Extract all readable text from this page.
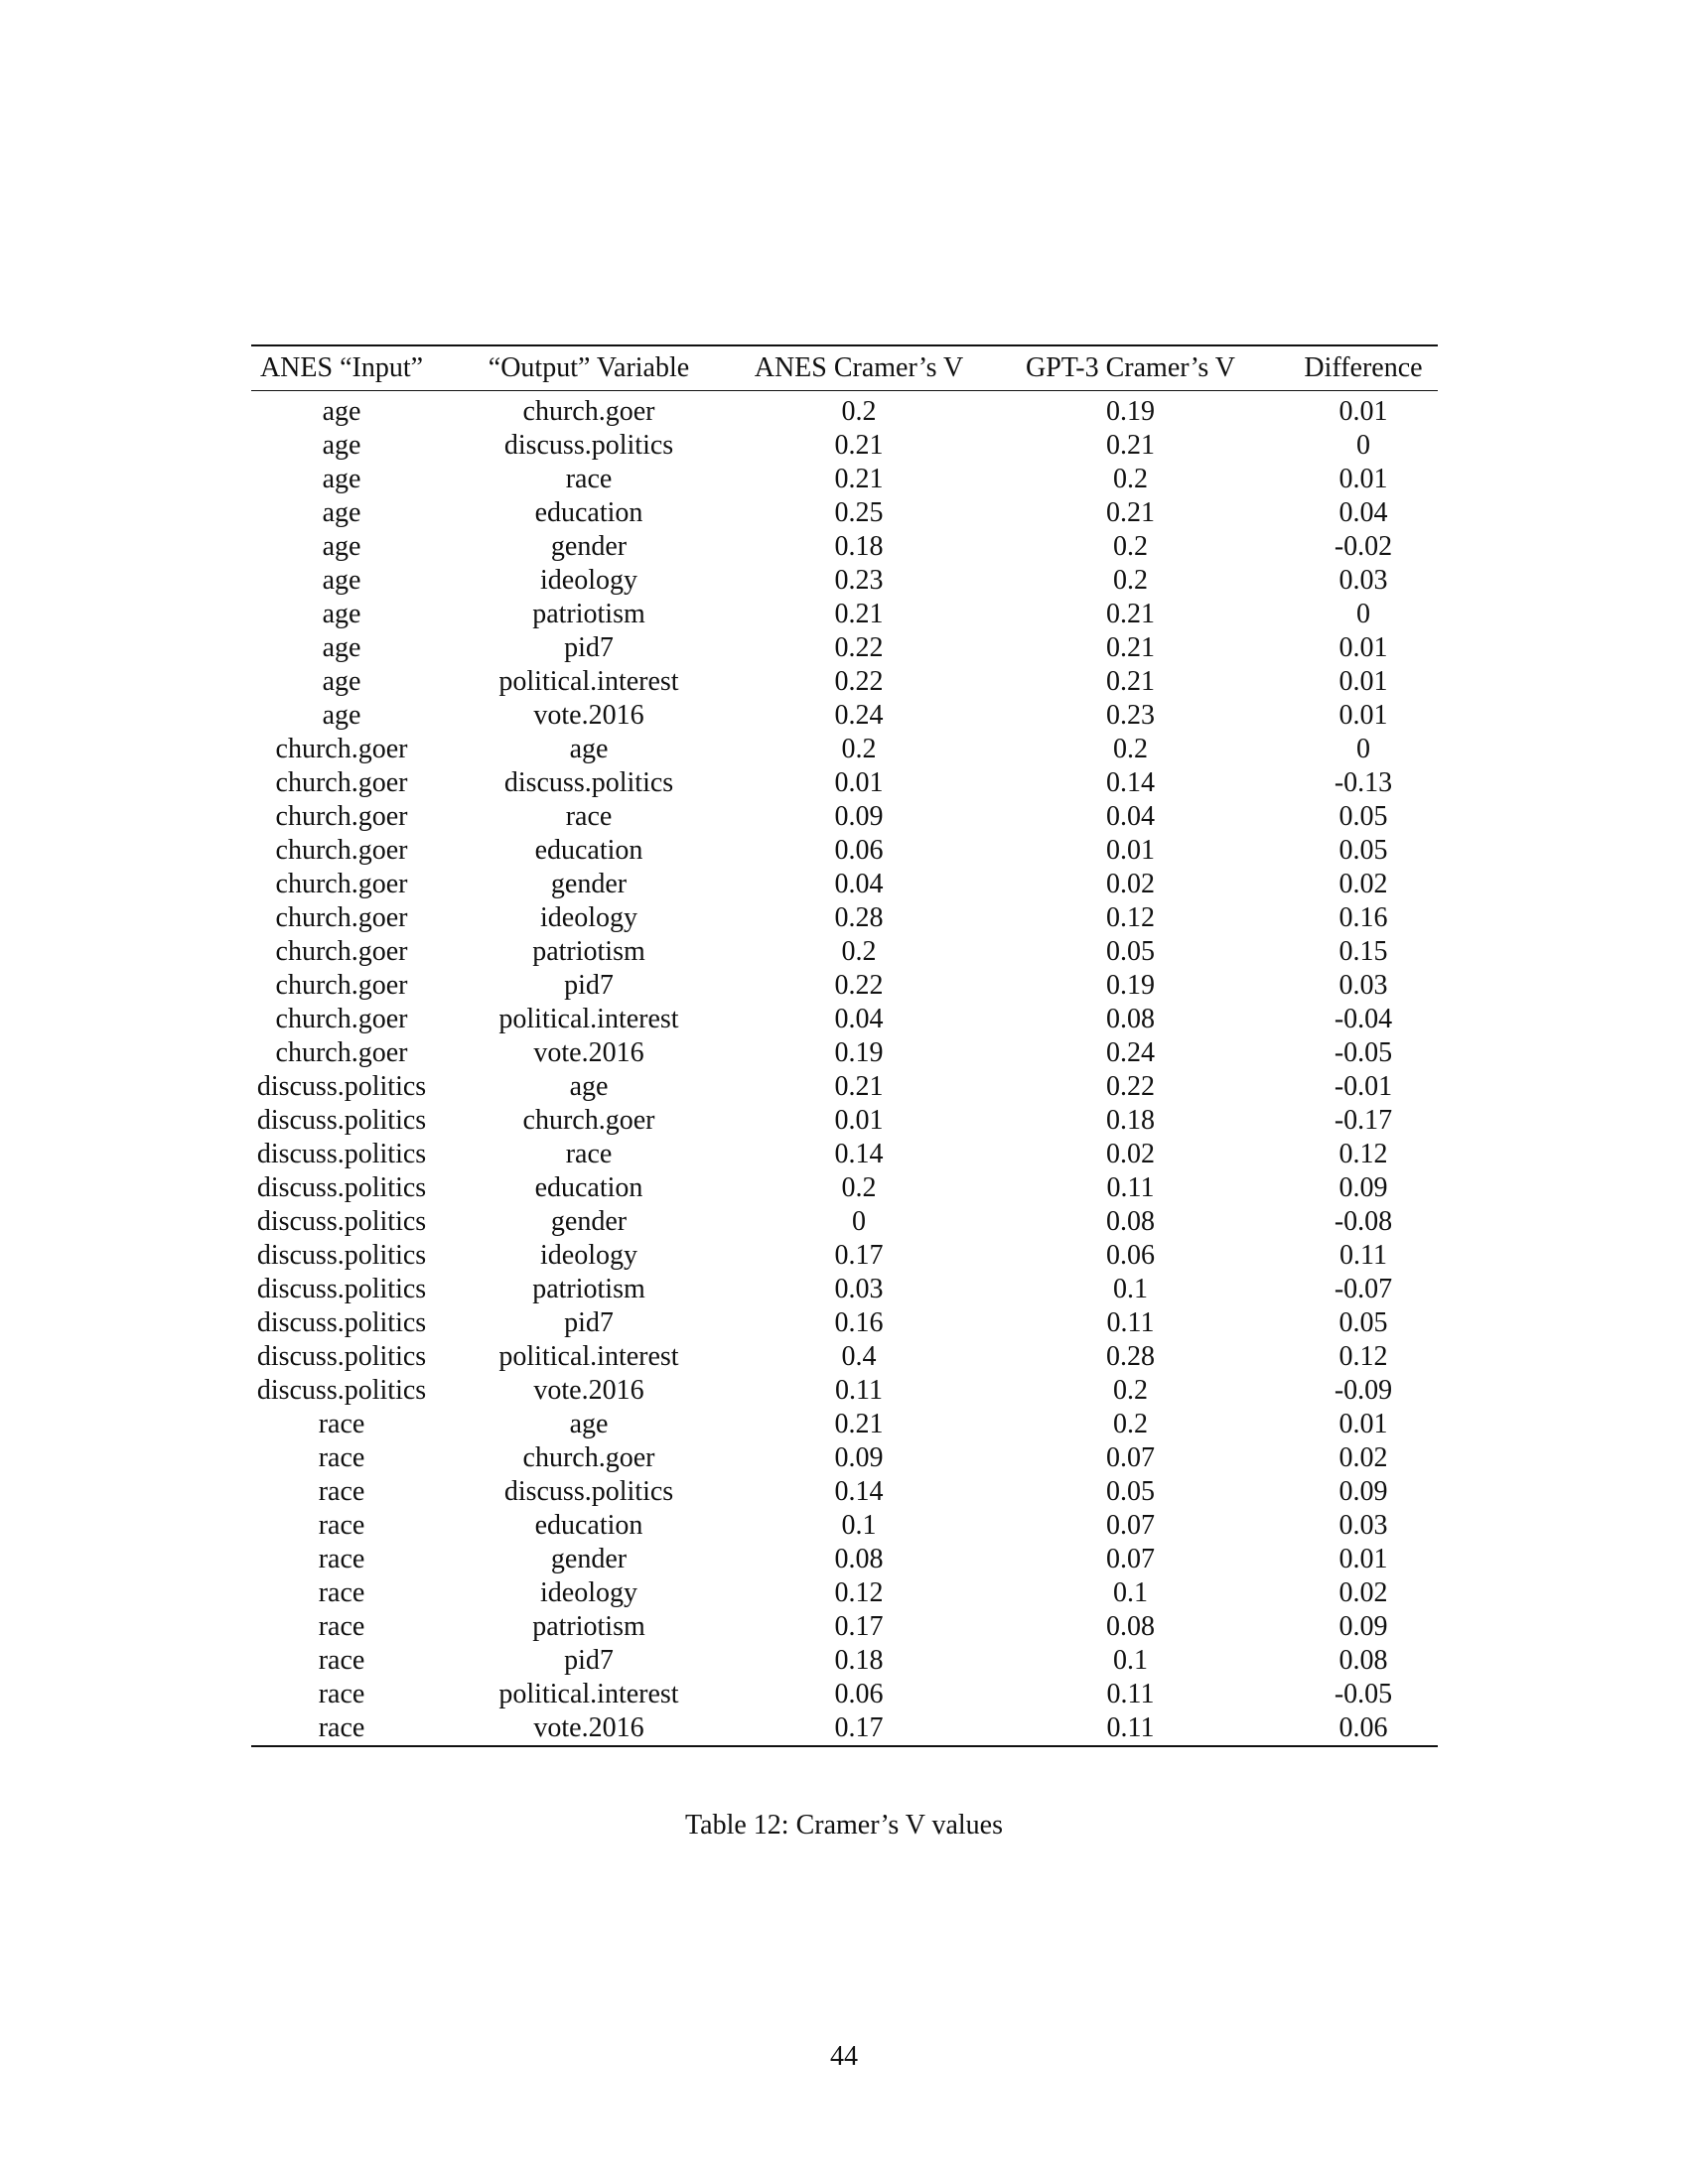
ANES “Input”	“Output” Variable	ANES Cramer’s V	GPT-3 Cramer’s V	Difference
age	church.goer	0.2	0.19	0.01
age	discuss.politics	0.21	0.21	0
age	race	0.21	0.2	0.01
age	education	0.25	0.21	0.04
age	gender	0.18	0.2	-0.02
age	ideology	0.23	0.2	0.03
age	patriotism	0.21	0.21	0
age	pid7	0.22	0.21	0.01
age	political.interest	0.22	0.21	0.01
age	vote.2016	0.24	0.23	0.01
church.goer	age	0.2	0.2	0
church.goer	discuss.politics	0.01	0.14	-0.13
church.goer	race	0.09	0.04	0.05
church.goer	education	0.06	0.01	0.05
church.goer	gender	0.04	0.02	0.02
church.goer	ideology	0.28	0.12	0.16
church.goer	patriotism	0.2	0.05	0.15
church.goer	pid7	0.22	0.19	0.03
church.goer	political.interest	0.04	0.08	-0.04
church.goer	vote.2016	0.19	0.24	-0.05
discuss.politics	age	0.21	0.22	-0.01
discuss.politics	church.goer	0.01	0.18	-0.17
discuss.politics	race	0.14	0.02	0.12
discuss.politics	education	0.2	0.11	0.09
discuss.politics	gender	0	0.08	-0.08
discuss.politics	ideology	0.17	0.06	0.11
discuss.politics	patriotism	0.03	0.1	-0.07
discuss.politics	pid7	0.16	0.11	0.05
discuss.politics	political.interest	0.4	0.28	0.12
discuss.politics	vote.2016	0.11	0.2	-0.09
race	age	0.21	0.2	0.01
race	church.goer	0.09	0.07	0.02
race	discuss.politics	0.14	0.05	0.09
race	education	0.1	0.07	0.03
race	gender	0.08	0.07	0.01
race	ideology	0.12	0.1	0.02
race	patriotism	0.17	0.08	0.09
race	pid7	0.18	0.1	0.08
race	political.interest	0.06	0.11	-0.05
race	vote.2016	0.17	0.11	0.06
Table 12: Cramer’s V values
44
